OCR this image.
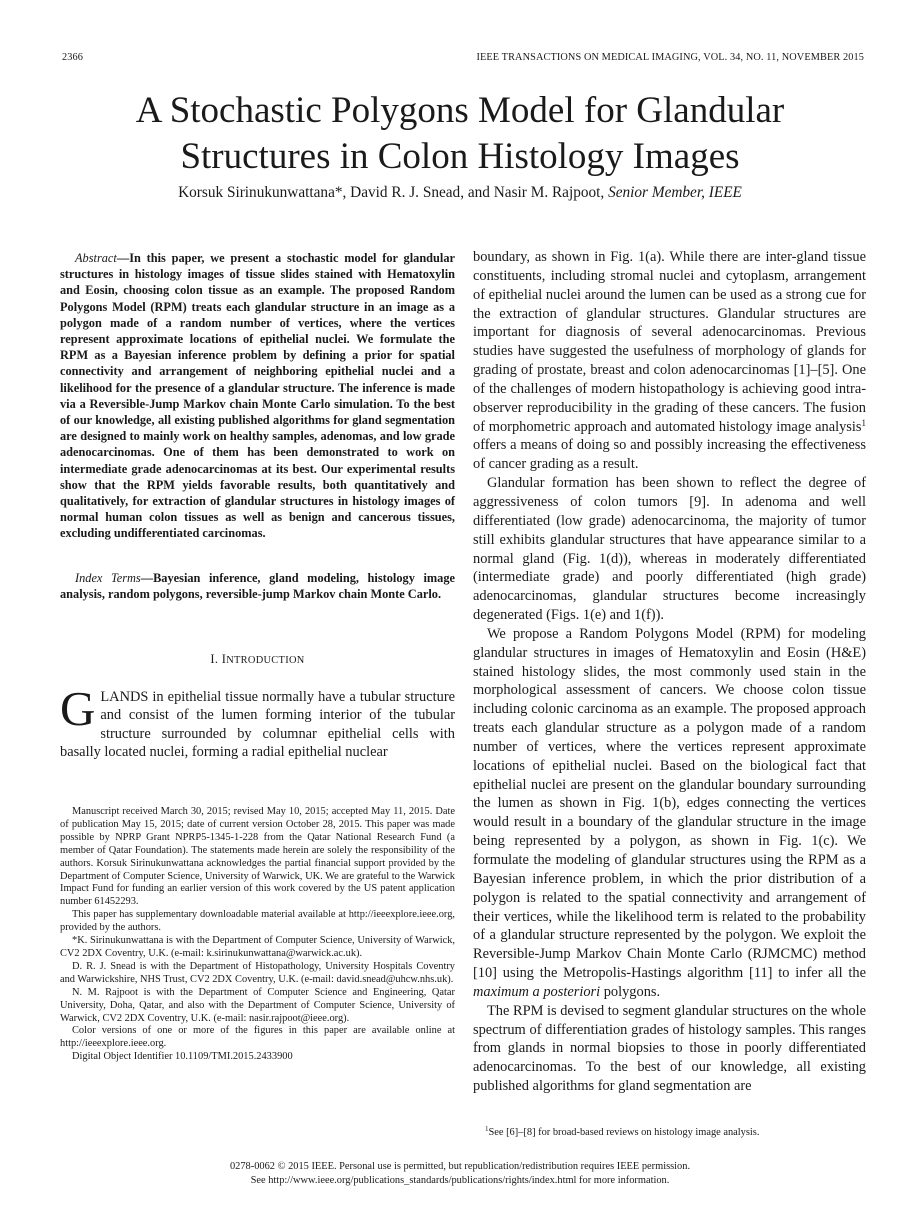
2366	IEEE TRANSACTIONS ON MEDICAL IMAGING, VOL. 34, NO. 11, NOVEMBER 2015
A Stochastic Polygons Model for Glandular
Structures in Colon Histology Images
Korsuk Sirinukunwattana*, David R. J. Snead, and Nasir M. Rajpoot, Senior Member, IEEE
Abstract—In this paper, we present a stochastic model for glandular structures in histology images of tissue slides stained with Hematoxylin and Eosin, choosing colon tissue as an example. The proposed Random Polygons Model (RPM) treats each glandular structure in an image as a polygon made of a random number of vertices, where the vertices represent approximate locations of epithelial nuclei. We formulate the RPM as a Bayesian inference problem by defining a prior for spatial connectivity and arrangement of neighboring epithelial nuclei and a likelihood for the presence of a glandular structure. The inference is made via a Reversible-Jump Markov chain Monte Carlo simulation. To the best of our knowledge, all existing published algorithms for gland segmentation are designed to mainly work on healthy samples, adenomas, and low grade adenocarcinomas. One of them has been demonstrated to work on intermediate grade adenocarcinomas at its best. Our experimental results show that the RPM yields favorable results, both quantitatively and qualitatively, for extraction of glandular structures in histology images of normal human colon tissues as well as benign and cancerous tissues, excluding undifferentiated carcinomas.
Index Terms—Bayesian inference, gland modeling, histology image analysis, random polygons, reversible-jump Markov chain Monte Carlo.
I. INTRODUCTION
GLANDS in epithelial tissue normally have a tubular structure and consist of the lumen forming interior of the tubular structure surrounded by columnar epithelial cells with basally located nuclei, forming a radial epithelial nuclear

Manuscript received March 30, 2015; revised May 10, 2015; accepted May 11, 2015. Date of publication May 15, 2015; date of current version October 28, 2015. This paper was made possible by NPRP Grant NPRP5-1345-1-228 from the Qatar National Research Fund (a member of Qatar Foundation). The statements made herein are solely the responsibility of the authors. Korsuk Sirinukunwattana acknowledges the partial financial support provided by the Department of Computer Science, University of Warwick, UK. We are grateful to the Warwick Impact Fund for funding an earlier version of this work covered by the US patent application number 61452293.

This paper has supplementary downloadable material available at http://ieeexplore.ieee.org, provided by the authors.

*K. Sirinukunwattana is with the Department of Computer Science, University of Warwick, CV2 2DX Coventry, U.K. (e-mail: k.sirinukunwattana@warwick.ac.uk).

D. R. J. Snead is with the Department of Histopathology, University Hospitals Coventry and Warwickshire, NHS Trust, CV2 2DX Coventry, U.K. (e-mail: david.snead@uhcw.nhs.uk).

N. M. Rajpoot is with the Department of Computer Science and Engineering, Qatar University, Doha, Qatar, and also with the Department of Computer Science, University of Warwick, CV2 2DX Coventry, U.K. (e-mail: nasir.rajpoot@ieee.org).

Color versions of one or more of the figures in this paper are available online at http://ieeexplore.ieee.org.

Digital Object Identifier 10.1109/TMI.2015.2433900

boundary, as shown in Fig. 1(a). While there are inter-gland tissue constituents, including stromal nuclei and cytoplasm, arrangement of epithelial nuclei around the lumen can be used as a strong cue for the extraction of glandular structures. Glandular structures are important for diagnosis of several adenocarcinomas. Previous studies have suggested the usefulness of morphology of glands for grading of prostate, breast and colon adenocarcinomas [1]–[5]. One of the challenges of modern histopathology is achieving good intra-observer reproducibility in the grading of these cancers. The fusion of morphometric approach and automated histology image analysis$^1$ offers a means of doing so and possibly increasing the effectiveness of cancer grading as a result.

Glandular formation has been shown to reflect the degree of aggressiveness of colon tumors [9]. In adenoma and well differentiated (low grade) adenocarcinoma, the majority of tumor still exhibits glandular structures that have appearance similar to a normal gland (Fig. 1(d)), whereas in moderately differentiated (intermediate grade) and poorly differentiated (high grade) adenocarcinomas, glandular structures become increasingly degenerated (Figs. 1(e) and 1(f)).

We propose a Random Polygons Model (RPM) for modeling glandular structures in images of Hematoxylin and Eosin (H&E) stained histology slides, the most commonly used stain in the morphological assessment of cancers. We choose colon tissue including colonic carcinoma as an example. The proposed approach treats each glandular structure as a polygon made of a random number of vertices, where the vertices represent approximate locations of epithelial nuclei. Based on the biological fact that epithelial nuclei are present on the glandular boundary surrounding the lumen as shown in Fig. 1(b), edges connecting the vertices would result in a boundary of the glandular structure in the image being represented by a polygon, as shown in Fig. 1(c). We formulate the modeling of glandular structures using the RPM as a Bayesian inference problem, in which the prior distribution of a polygon is related to the spatial connectivity and arrangement of their vertices, while the likelihood term is related to the probability of a glandular structure represented by the polygon. We exploit the Reversible-Jump Markov Chain Monte Carlo (RJMCMC) method [10] using the Metropolis-Hastings algorithm [11] to infer all the maximum a posteriori polygons.

The RPM is devised to segment glandular structures on the whole spectrum of differentiation grades of histology samples. This ranges from glands in normal biopsies to those in poorly differentiated adenocarcinomas. To the best of our knowledge, all existing published algorithms for gland segmentation are

$^1$See [6]–[8] for broad-based reviews on histology image analysis.
0278-0062 © 2015 IEEE. Personal use is permitted, but republication/redistribution requires IEEE permission.
See http://www.ieee.org/publications_standards/publications/rights/index.html for more information.
